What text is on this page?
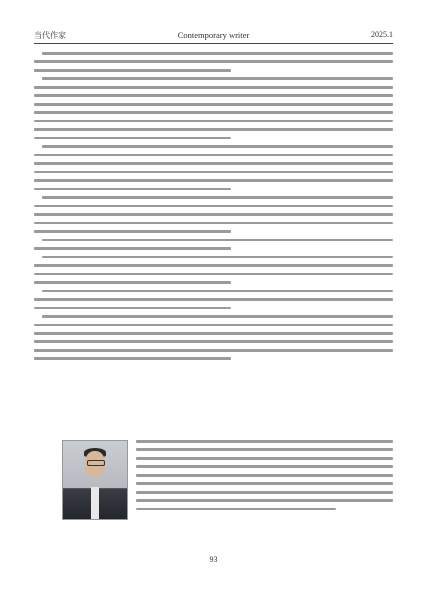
当代作家	Contemporary writer	2025.1
93
